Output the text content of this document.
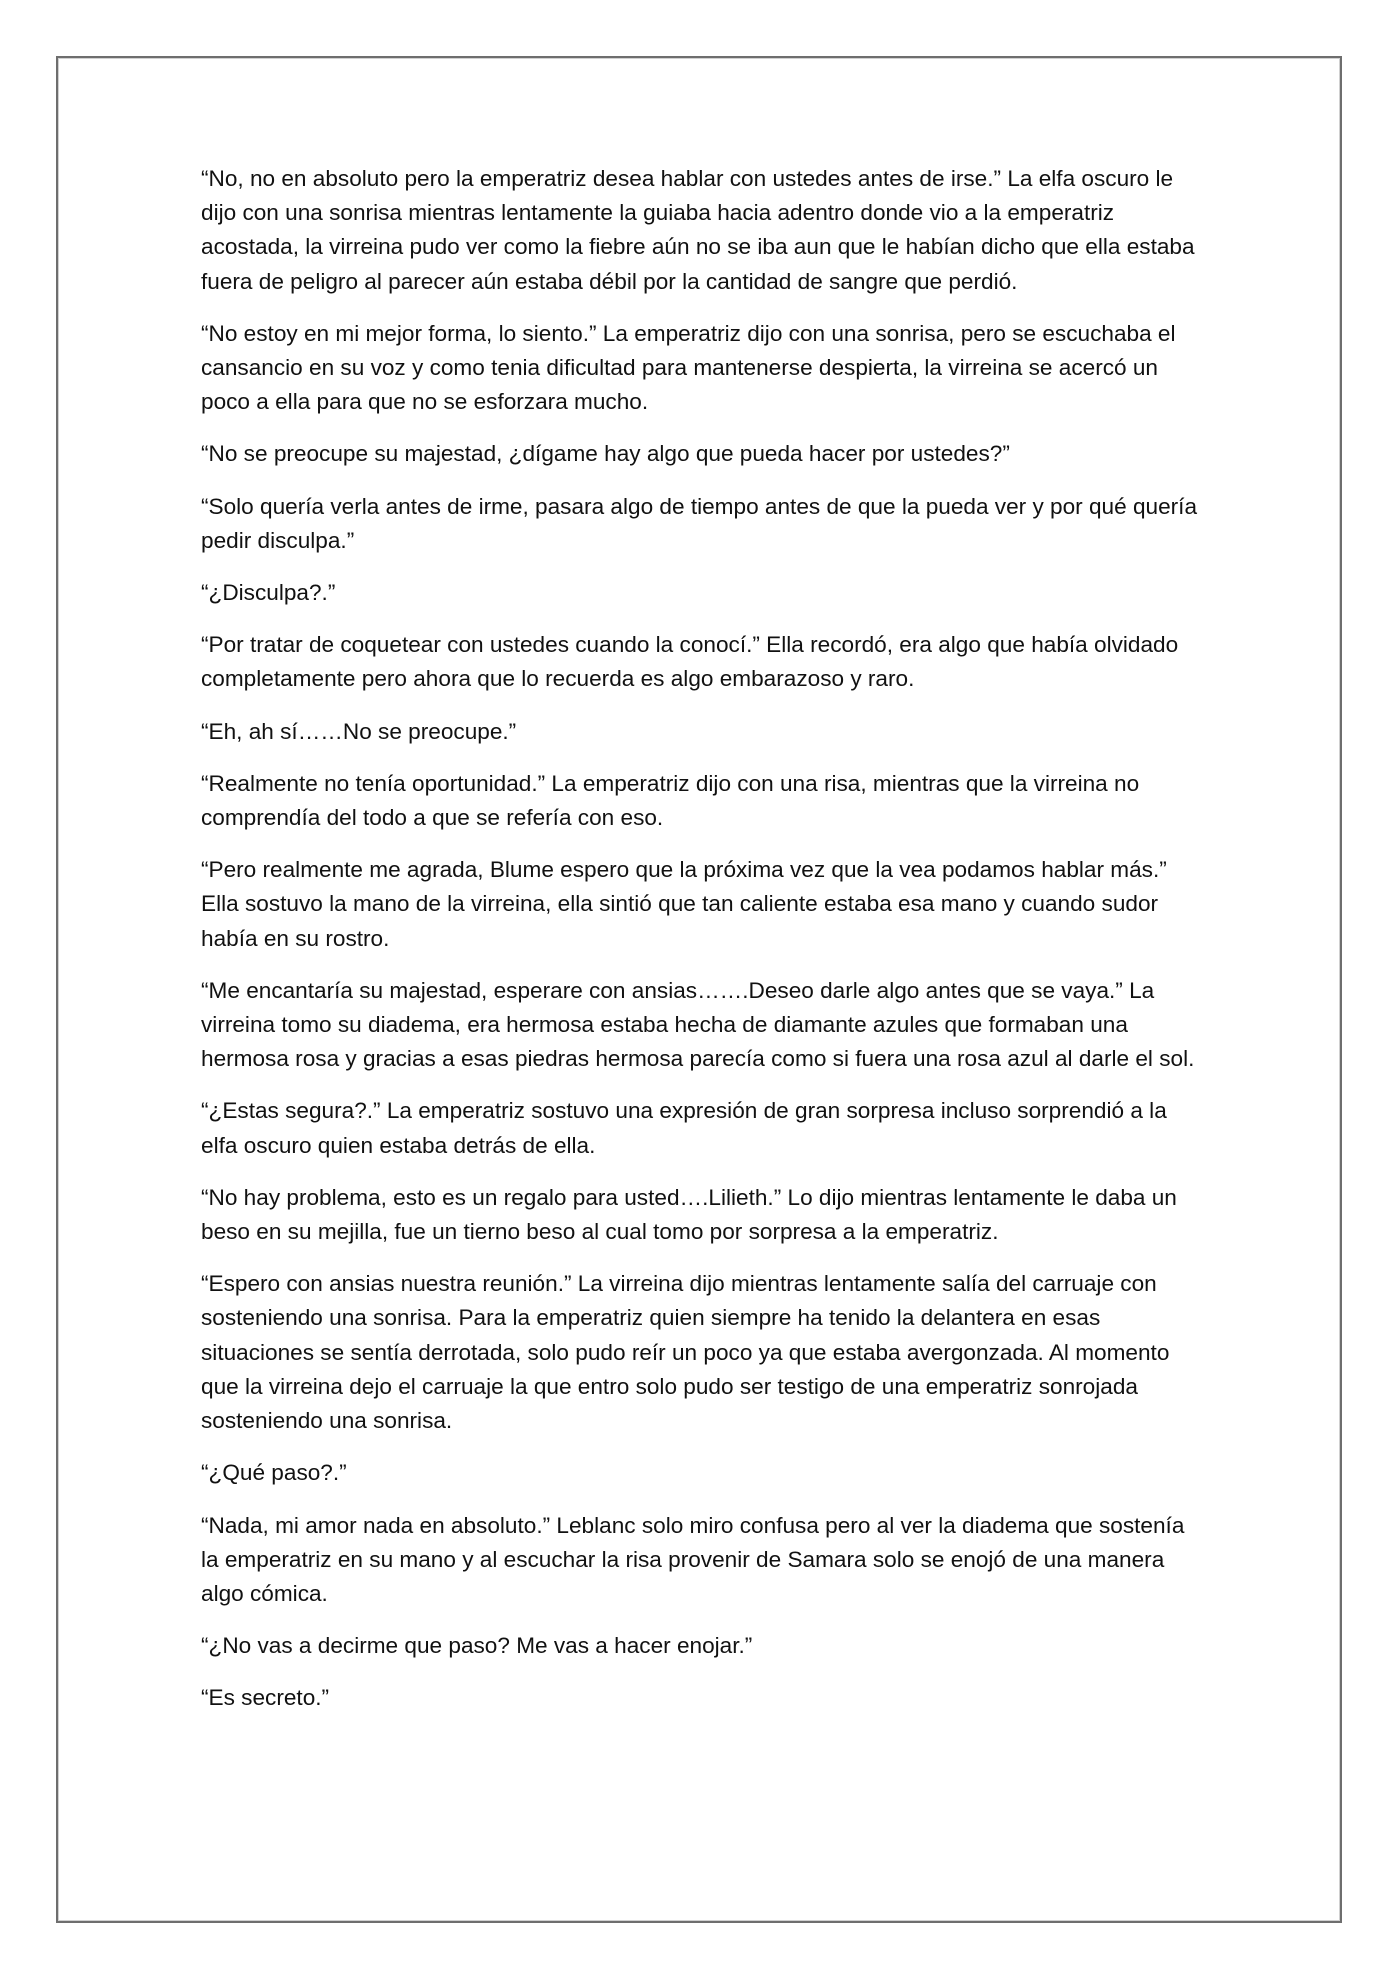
“No, no en absoluto pero la emperatriz desea hablar con ustedes antes de irse.” La elfa oscuro le dijo con una sonrisa mientras lentamente la guiaba hacia adentro donde vio a la emperatriz acostada, la virreina pudo ver como la fiebre aún no se iba aun que le habían dicho que ella estaba fuera de peligro al parecer aún estaba débil por la cantidad de sangre que perdió.

“No estoy en mi mejor forma, lo siento.” La emperatriz dijo con una sonrisa, pero se escuchaba el cansancio en su voz y como tenia dificultad para mantenerse despierta, la virreina se acercó un poco a ella para que no se esforzara mucho.

“No se preocupe su majestad, ¿dígame hay algo que pueda hacer por ustedes?”

“Solo quería verla antes de irme, pasara algo de tiempo antes de que la pueda ver y por qué quería pedir disculpa.”

“¿Disculpa?.”

“Por tratar de coquetear con ustedes cuando la conocí.” Ella recordó, era algo que había olvidado completamente pero ahora que lo recuerda es algo embarazoso y raro.

“Eh, ah sí……No se preocupe.”

“Realmente no tenía oportunidad.” La emperatriz dijo con una risa, mientras que la virreina no comprendía del todo a que se refería con eso.

“Pero realmente me agrada, Blume espero que la próxima vez que la vea podamos hablar más.” Ella sostuvo la mano de la virreina, ella sintió que tan caliente estaba esa mano y cuando sudor había en su rostro.

“Me encantaría su majestad, esperare con ansias…….Deseo darle algo antes que se vaya.” La virreina tomo su diadema, era hermosa estaba hecha de diamante azules que formaban una hermosa rosa y gracias a esas piedras hermosa parecía como si fuera una rosa azul al darle el sol.

“¿Estas segura?.” La emperatriz sostuvo una expresión de gran sorpresa incluso sorprendió a la elfa oscuro quien estaba detrás de ella.

“No hay problema, esto es un regalo para usted….Lilieth.” Lo dijo mientras lentamente le daba un beso en su mejilla, fue un tierno beso al cual tomo por sorpresa a la emperatriz.

“Espero con ansias nuestra reunión.” La virreina dijo mientras lentamente salía del carruaje con sosteniendo una sonrisa. Para la emperatriz quien siempre ha tenido la delantera en esas situaciones se sentía derrotada, solo pudo reír un poco ya que estaba avergonzada. Al momento que la virreina dejo el carruaje la que entro solo pudo ser testigo de una emperatriz sonrojada sosteniendo una sonrisa.

“¿Qué paso?.”

“Nada, mi amor nada en absoluto.” Leblanc solo miro confusa pero al ver la diadema que sostenía la emperatriz en su mano y al escuchar la risa provenir de Samara solo se enojó de una manera algo cómica.

“¿No vas a decirme que paso? Me vas a hacer enojar.”

“Es secreto.”
